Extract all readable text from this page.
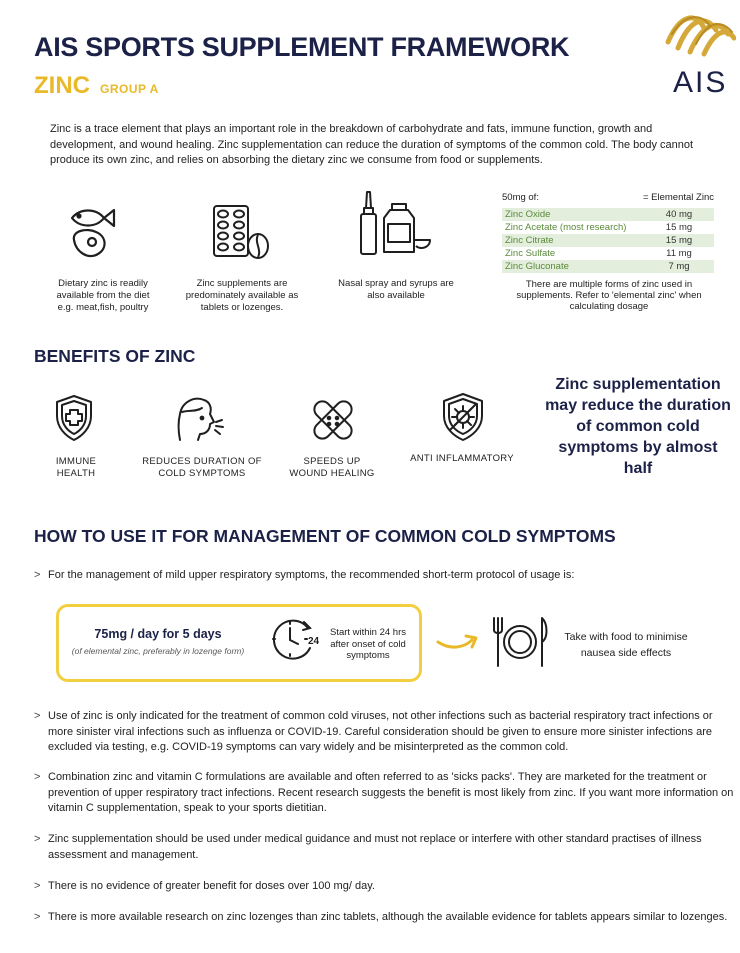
AIS SPORTS SUPPLEMENT FRAMEWORK
ZINC GROUP A	AIS
Zinc is a trace element that plays an important role in the breakdown of carbohydrate and fats, immune function, growth and development, and wound healing. Zinc supplementation can reduce the duration of symptoms of the common cold. The body cannot produce its own zinc, and relies on absorbing the dietary zinc we consume from food or supplements.
Dietary zinc is readily available from the diet e.g. meat,fish, poultry
Zinc supplements are predominately available as tablets or lozenges.
Nasal spray and syrups are also available
50mg of:	= Elemental Zinc
Zinc Oxide	40 mg
Zinc Acetate (most research)	15 mg
Zinc Citrate	15 mg
Zinc Sulfate	11 mg
Zinc Gluconate	7 mg
There are multiple forms of zinc used in supplements. Refer to 'elemental zinc' when calculating dosage
BENEFITS OF ZINC
IMMUNE
HEALTH
REDUCES DURATION OF
COLD SYMPTOMS
SPEEDS UP
WOUND HEALING
ANTI INFLAMMATORY
Zinc supplementation may reduce the duration of common cold symptoms by almost half
HOW TO USE IT FOR MANAGEMENT OF COMMON COLD SYMPTOMS
> For the management of mild upper respiratory symptoms, the recommended short-term protocol of usage is:
75mg / day for 5 days
(of elemental zinc, preferably in lozenge form)
24
Start within 24 hrs after onset of cold symptoms
Take with food to minimise nausea side effects
> Use of zinc is only indicated for the treatment of common cold viruses, not other infections such as bacterial respiratory tract infections or more sinister viral infections such as influenza or COVID-19. Careful consideration should be given to ensure more sinister infections are excluded via testing, e.g. COVID-19 symptoms can vary widely and be misinterpreted as the common cold.
> Combination zinc and vitamin C formulations are available and often referred to as 'sicks packs'. They are marketed for the treatment or prevention of upper respiratory tract infections. Recent research suggests the benefit is most likely from zinc. If you want more information on vitamin C supplementation, speak to your sports dietitian.
> Zinc supplementation should be used under medical guidance and must not replace or interfere with other standard practises of illness assessment and management.
> There is no evidence of greater benefit for doses over 100 mg/ day.
> There is more available research on zinc lozenges than zinc tablets, although the available evidence for tablets appears similar to lozenges.
